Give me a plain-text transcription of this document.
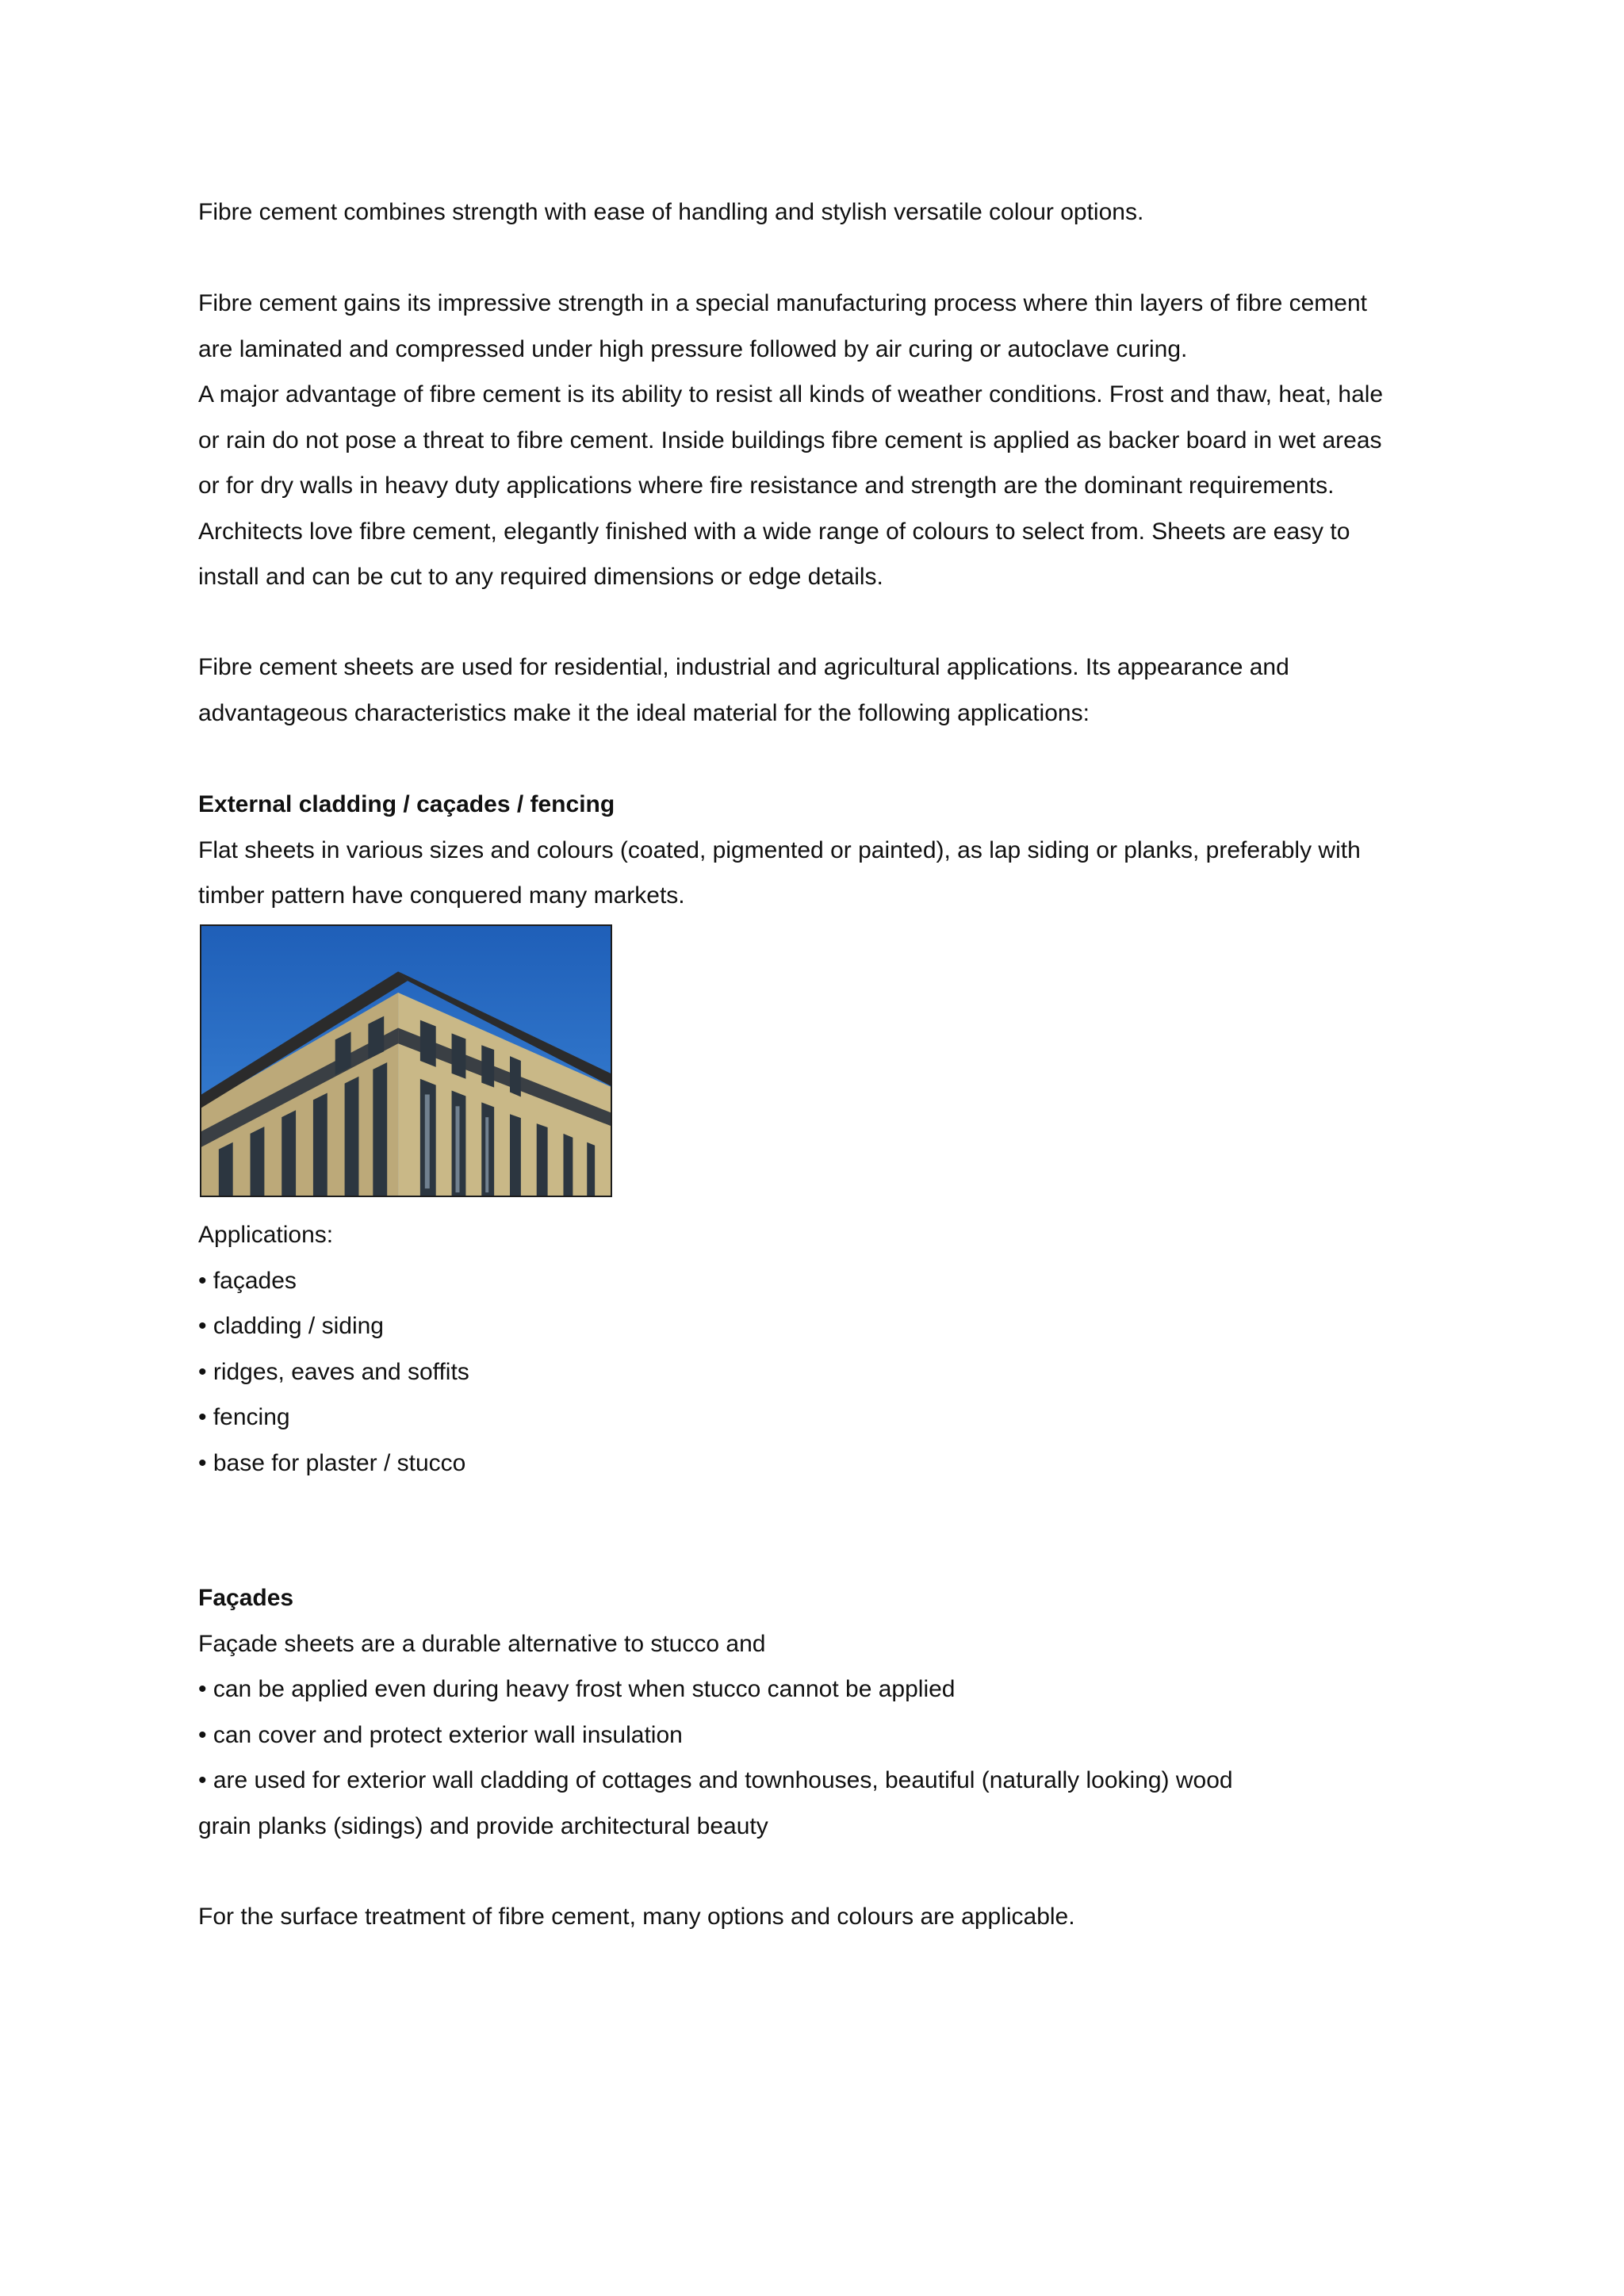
Fibre cement combines strength with ease of handling and stylish versatile colour options.

Fibre cement gains its impressive strength in a special manufacturing process where thin layers of fibre cement
are laminated and compressed under high pressure followed by air curing or autoclave curing.
A major advantage of fibre cement is its ability to resist all kinds of weather conditions. Frost and thaw, heat, hale
or rain do not pose a threat to fibre cement. Inside buildings fibre cement is applied as backer board in wet areas
or for dry walls in heavy duty applications where fire resistance and strength are the dominant requirements.
Architects love fibre cement, elegantly finished with a wide range of colours to select from. Sheets are easy to
install and can be cut to any required dimensions or edge details.

Fibre cement sheets are used for residential, industrial and agricultural applications. Its appearance and
advantageous characteristics make it the ideal material for the following applications:

External cladding / caçades / fencing
Flat sheets in various sizes and colours (coated, pigmented or painted), as lap siding or planks, preferably with
timber pattern have conquered many markets.

Applications:
• façades
• cladding / siding
• ridges, eaves and soffits
• fencing
• base for plaster / stucco

Façades
Façade sheets are a durable alternative to stucco and
• can be applied even during heavy frost when stucco cannot be applied
• can cover and protect exterior wall insulation
• are used for exterior wall cladding of cottages and townhouses, beautiful (naturally looking) wood
grain planks (sidings) and provide architectural beauty

For the surface treatment of fibre cement, many options and colours are applicable.
